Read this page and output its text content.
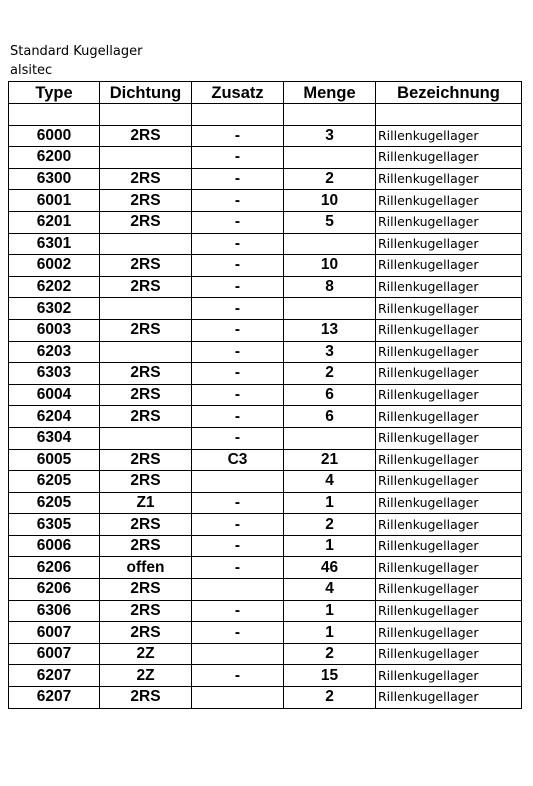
Standard Kugellager
alsitec
Type	Dichtung	Zusatz	Menge	Bezeichnung

6000	2RS	-	3	Rillenkugellager
6200		-		Rillenkugellager
6300	2RS	-	2	Rillenkugellager
6001	2RS	-	10	Rillenkugellager
6201	2RS	-	5	Rillenkugellager
6301		-		Rillenkugellager
6002	2RS	-	10	Rillenkugellager
6202	2RS	-	8	Rillenkugellager
6302		-		Rillenkugellager
6003	2RS	-	13	Rillenkugellager
6203		-	3	Rillenkugellager
6303	2RS	-	2	Rillenkugellager
6004	2RS	-	6	Rillenkugellager
6204	2RS	-	6	Rillenkugellager
6304		-		Rillenkugellager
6005	2RS	C3	21	Rillenkugellager
6205	2RS		4	Rillenkugellager
6205	Z1	-	1	Rillenkugellager
6305	2RS	-	2	Rillenkugellager
6006	2RS	-	1	Rillenkugellager
6206	offen	-	46	Rillenkugellager
6206	2RS		4	Rillenkugellager
6306	2RS	-	1	Rillenkugellager
6007	2RS	-	1	Rillenkugellager
6007	2Z		2	Rillenkugellager
6207	2Z	-	15	Rillenkugellager
6207	2RS		2	Rillenkugellager
